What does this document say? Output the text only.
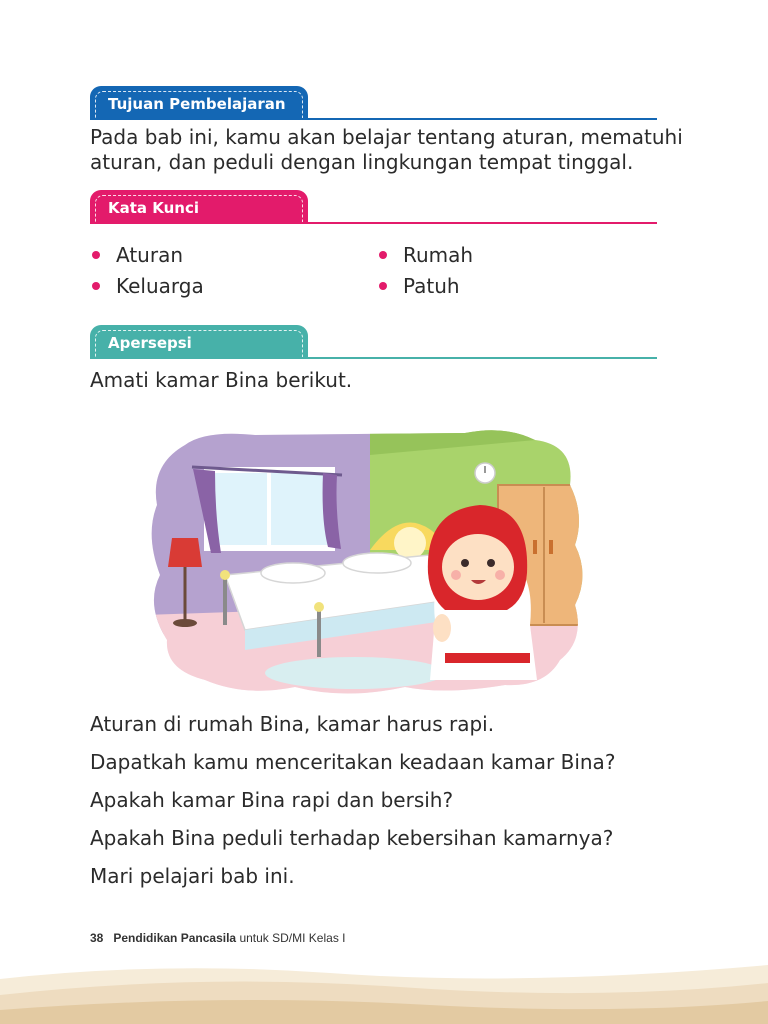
Tujuan Pembelajaran
Pada bab ini, kamu akan belajar tentang aturan, mematuhi
aturan, dan peduli dengan lingkungan tempat tinggal.
Kata Kunci
Aturan
Keluarga
Rumah
Patuh
Apersepsi
Amati kamar Bina berikut.
Aturan di rumah Bina, kamar harus rapi.
Dapatkah kamu menceritakan keadaan kamar Bina?
Apakah kamar Bina rapi dan bersih?
Apakah Bina peduli terhadap kebersihan kamarnya?
Mari pelajari bab ini.
38 Pendidikan Pancasila untuk SD/MI Kelas I
